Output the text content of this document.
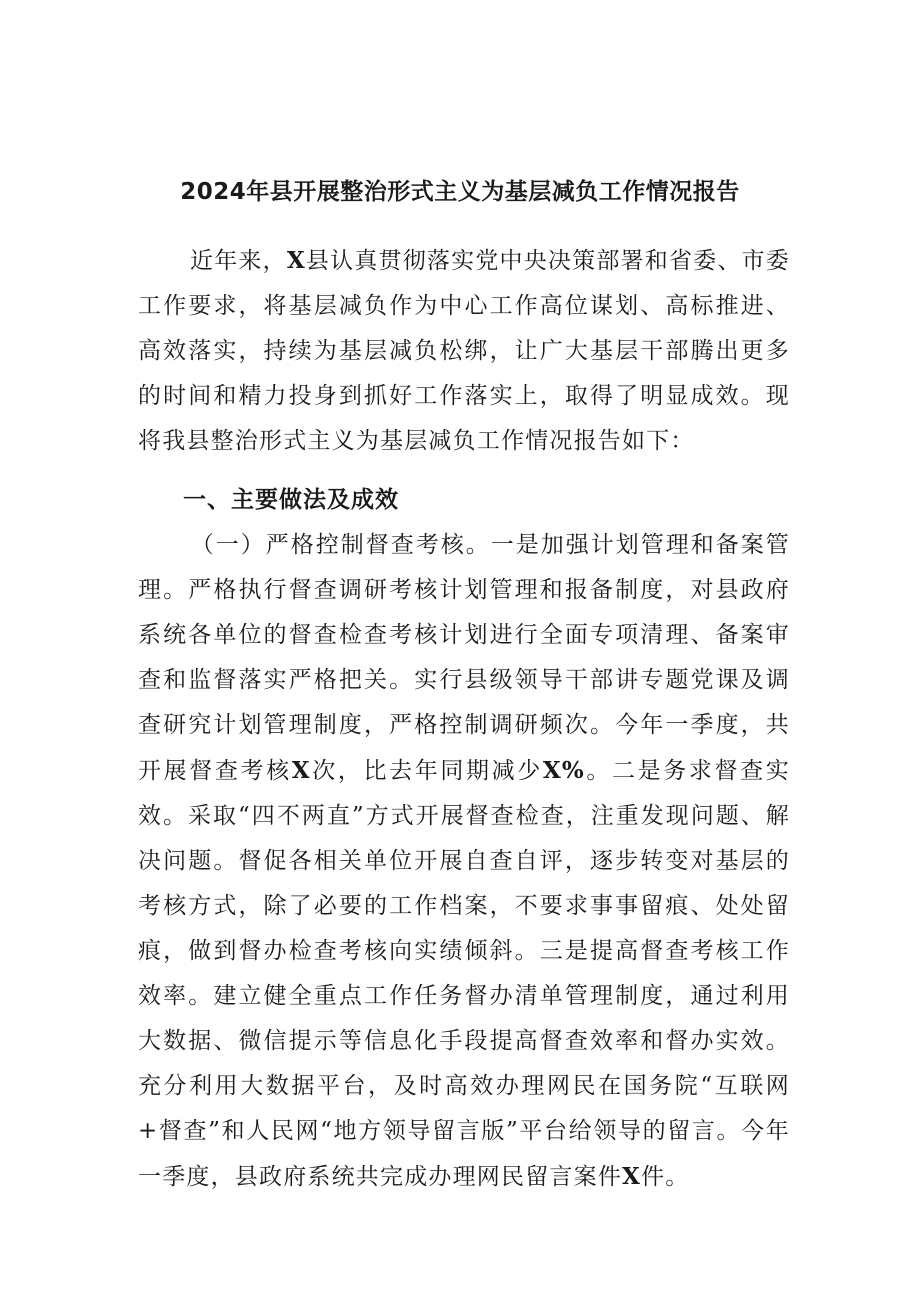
2024年县开展整治形式主义为基层减负工作情况报告

近年来，X县认真贯彻落实党中央决策部署和省委、市委工作要求，将基层减负作为中心工作高位谋划、高标推进、高效落实，持续为基层减负松绑，让广大基层干部腾出更多的时间和精力投身到抓好工作落实上，取得了明显成效。现将我县整治形式主义为基层减负工作情况报告如下：

一、主要做法及成效

（一）严格控制督查考核。一是加强计划管理和备案管理。严格执行督查调研考核计划管理和报备制度，对县政府系统各单位的督查检查考核计划进行全面专项清理、备案审查和监督落实严格把关。实行县级领导干部讲专题党课及调查研究计划管理制度，严格控制调研频次。今年一季度，共开展督查考核X次，比去年同期减少X%。二是务求督查实效。采取“四不两直”方式开展督查检查，注重发现问题、解决问题。督促各相关单位开展自查自评，逐步转变对基层的考核方式，除了必要的工作档案，不要求事事留痕、处处留痕，做到督办检查考核向实绩倾斜。三是提高督查考核工作效率。建立健全重点工作任务督办清单管理制度，通过利用大数据、微信提示等信息化手段提高督查效率和督办实效。充分利用大数据平台，及时高效办理网民在国务院“互联网+督查”和人民网“地方领导留言版”平台给领导的留言。今年一季度，县政府系统共完成办理网民留言案件X件。
